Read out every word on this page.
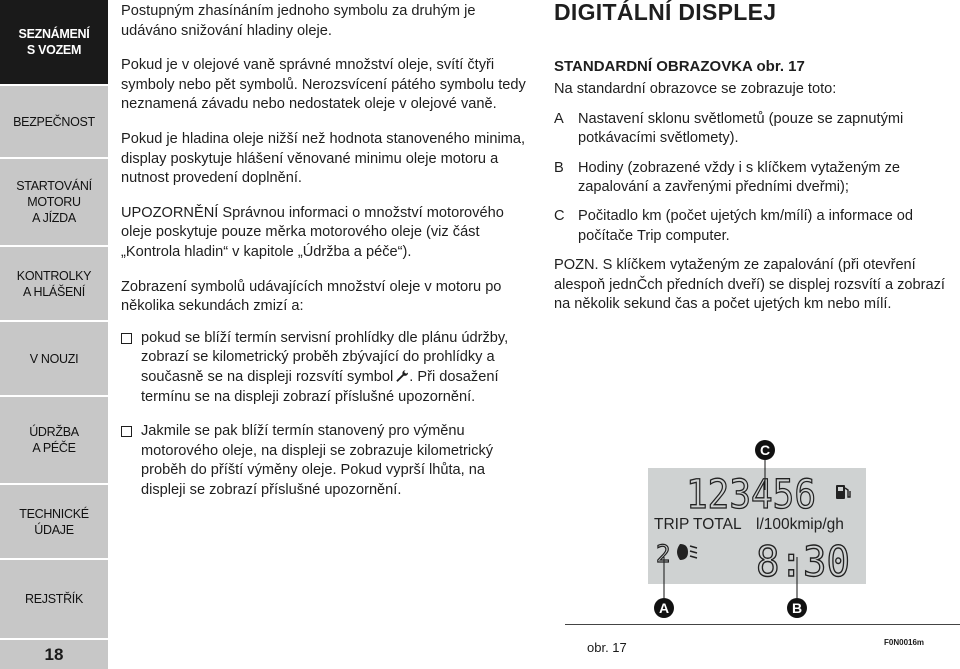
SEZNÁMENÍ
S VOZEM
BEZPEČNOST
STARTOVÁNÍ
MOTORU
A JÍZDA
KONTROLKY
A HLÁŠENÍ
V NOUZI
ÚDRŽBA
A PÉČE
TECHNICKÉ
ÚDAJE
REJSTŘÍK
18

Postupným zhasínáním jednoho symbolu za druhým je udáváno snižování hladiny oleje.

Pokud je v olejové vaně správné množství oleje, svítí čtyři symboly nebo pět symbolů. Nerozsvícení pátého symbolu tedy neznamená závadu nebo nedostatek oleje v olejové vaně.

Pokud je hladina oleje nižší než hodnota stanoveného minima, display poskytuje hlášení věnované minimu oleje motoru a nutnost provedení doplnění.

UPOZORNĚNÍ Správnou informaci o množství motorového oleje poskytuje pouze měrka motorového oleje (viz část „Kontrola hladin“ v kapitole „Údržba a péče“).

Zobrazení symbolů udávajících množství oleje v motoru po několika sekundách zmizí a:

pokud se blíží termín servisní prohlídky dle plánu údržby, zobrazí se kilometrický proběh zbývající do prohlídky a současně se na displeji rozsvítí symbol . Při dosažení termínu se na displeji zobrazí příslušné upozornění.
Jakmile se pak blíží termín stanovený pro výměnu motorového oleje, na displeji se zobrazuje kilometrický proběh do příští výměny oleje. Pokud vyprší lhůta, na displeji se zobrazí příslušné upozornění.
DIGITÁLNÍ DISPLEJ
STANDARDNÍ OBRAZOVKA obr. 17

Na standardní obrazovce se zobrazuje toto:

A Nastavení sklonu světlometů (pouze se zapnutými potkávacími světlomety).
B Hodiny (zobrazené vždy i s klíčkem vytaženým ze zapalování a zavřenými předními dveřmi);
C Počitadlo km (počet ujetých km/mílí) a informace od počítače Trip computer.

POZN. S klíčkem vytaženým ze zapalování (při otevření alespoň jednČch předních dveří) se displej rozsvítí a zobrazí na několik sekund čas a počet ujetých km nebo mílí.

C
A	B
123456
TRIP TOTAL l/100kmip/gh
2 8:30
obr. 17	F0N0016m
